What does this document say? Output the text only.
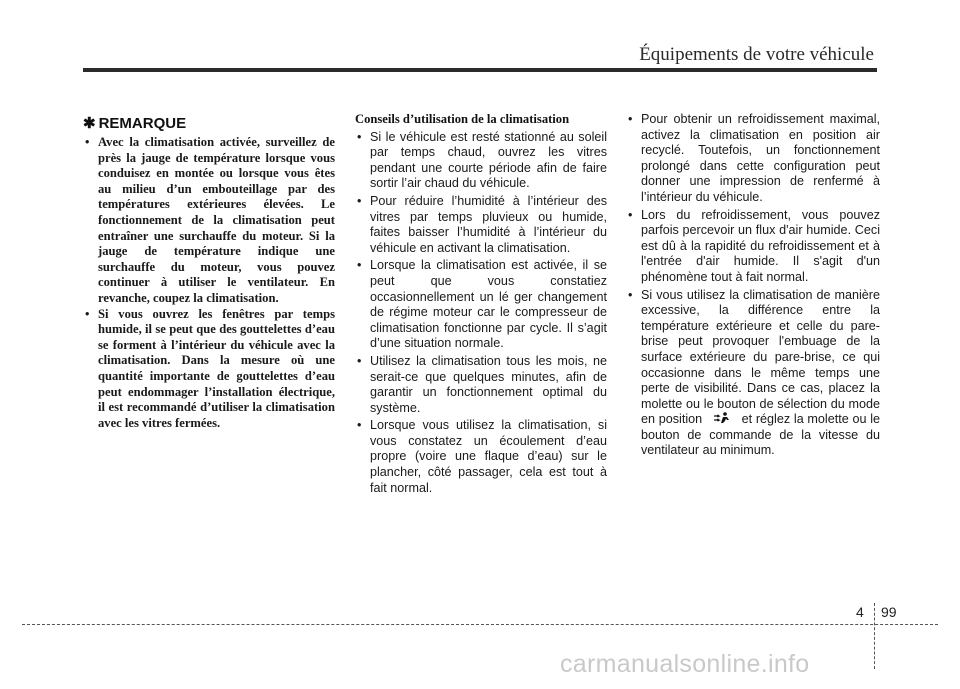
Équipements de votre véhicule
✱ REMARQUE
• Avec la climatisation activée, surveillez de près la jauge de température lorsque vous conduisez en montée ou lorsque vous êtes au milieu d’un embouteillage par des températures extérieures élevées. Le fonctionnement de la climatisation peut entraîner une surchauffe du moteur. Si la jauge de température indique une surchauffe du moteur, vous pouvez continuer à utiliser le ventilateur. En revanche, coupez la climatisation.
• Si vous ouvrez les fenêtres par temps humide, il se peut que des gouttelettes d’eau se forment à l’intérieur du véhicule avec la climatisation. Dans la mesure où une quantité importante de gouttelettes d’eau peut endommager l’installation électrique, il est recommandé d’utiliser la climatisation avec les vitres fermées.
Conseils d’utilisation de la climatisation
• Si le véhicule est resté stationné au soleil par temps chaud, ouvrez les vitres pendant une courte période afin de faire sortir l’air chaud du véhicule.
• Pour réduire l’humidité à l’intérieur des vitres par temps pluvieux ou humide, faites baisser l’humidité à l’intérieur du véhicule en activant la climatisation.
• Lorsque la climatisation est activée, il se peut que vous constatiez occasionnellement un lé ger changement de régime moteur car le compresseur de climatisation fonctionne par cycle. Il s’agit d’une situation normale.
• Utilisez la climatisation tous les mois, ne serait-ce que quelques minutes, afin de garantir un fonctionnement optimal du système.
• Lorsque vous utilisez la climatisation, si vous constatez un écoulement d’eau propre (voire une flaque d’eau) sur le plancher, côté passager, cela est tout à fait normal.
• Pour obtenir un refroidissement maximal, activez la climatisation en position air recyclé. Toutefois, un fonctionnement prolongé dans cette configuration peut donner une impression de renfermé à l’intérieur du véhicule.
• Lors du refroidissement, vous pouvez parfois percevoir un flux d'air humide. Ceci est dû à la rapidité du refroidissement et à l'entrée d'air humide. Il s'agit d'un phénomène tout à fait normal.
• Si vous utilisez la climatisation de manière excessive, la différence entre la température extérieure et celle du pare-brise peut provoquer l'embuage de la surface extérieure du pare-brise, ce qui occasionne dans le même temps une perte de visibilité. Dans ce cas, placez la molette ou le bouton de sélection du mode en position	et réglez la molette ou le bouton de commande de la vitesse du ventilateur au minimum.
4 99
carmanualsonline.info
